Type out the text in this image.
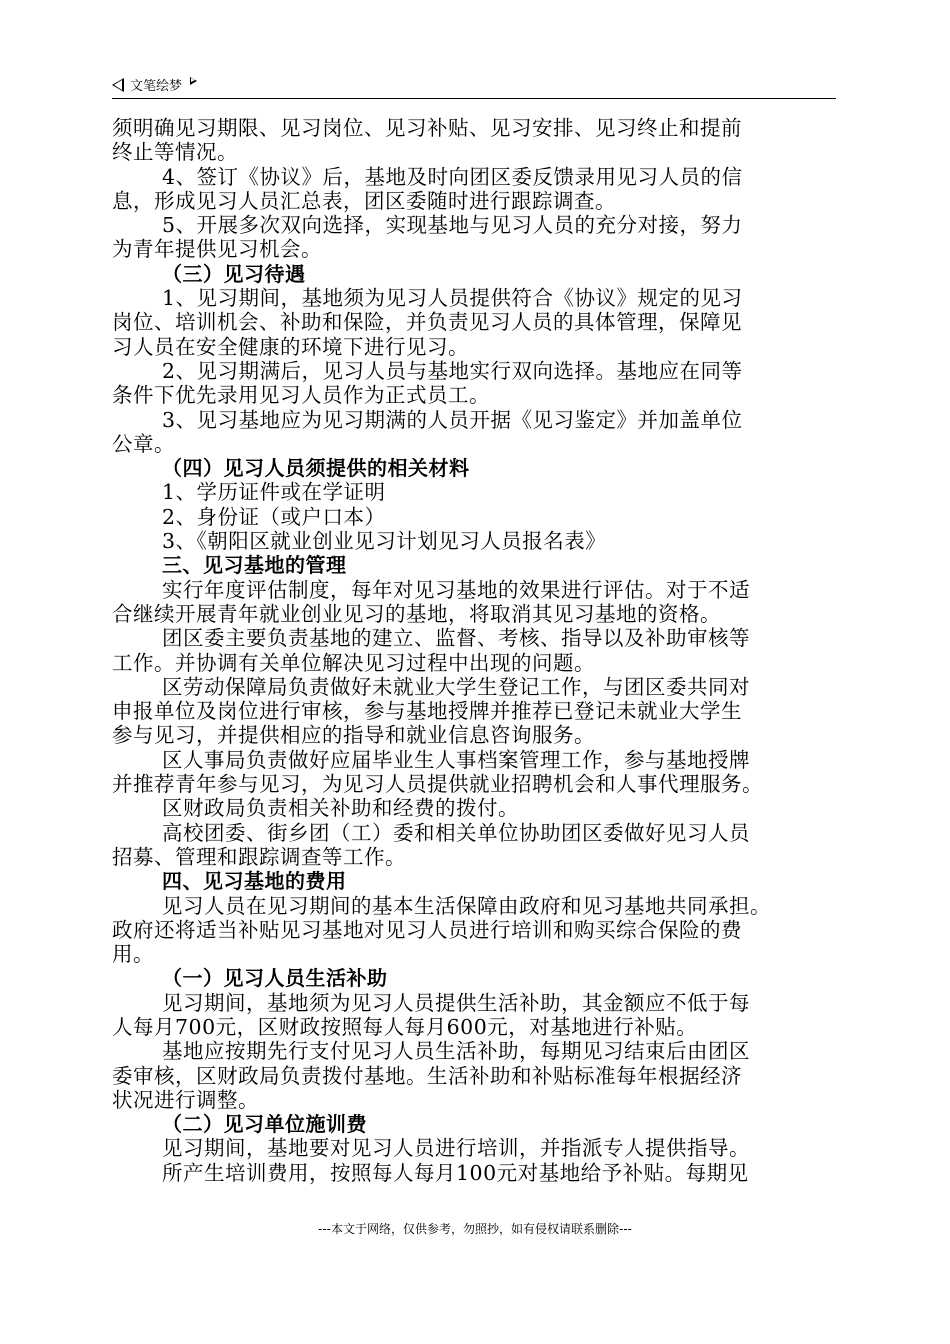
文笔绘梦

须明确见习期限、见习岗位、见习补贴、见习安排、见习终止和提前

终止等情况。

4、签订《协议》后，基地及时向团区委反馈录用见习人员的信

息，形成见习人员汇总表，团区委随时进行跟踪调查。

5、开展多次双向选择，实现基地与见习人员的充分对接，努力

为青年提供见习机会。

（三）见习待遇

1、见习期间，基地须为见习人员提供符合《协议》规定的见习

岗位、培训机会、补助和保险，并负责见习人员的具体管理，保障见

习人员在安全健康的环境下进行见习。

2、见习期满后，见习人员与基地实行双向选择。基地应在同等

条件下优先录用见习人员作为正式员工。

3、见习基地应为见习期满的人员开据《见习鉴定》并加盖单位

公章。

（四）见习人员须提供的相关材料

1、学历证件或在学证明

2、身份证（或户口本）

3、《朝阳区就业创业见习计划见习人员报名表》

三、见习基地的管理

实行年度评估制度，每年对见习基地的效果进行评估。对于不适

合继续开展青年就业创业见习的基地，将取消其见习基地的资格。

团区委主要负责基地的建立、监督、考核、指导以及补助审核等

工作。并协调有关单位解决见习过程中出现的问题。

区劳动保障局负责做好未就业大学生登记工作，与团区委共同对

申报单位及岗位进行审核，参与基地授牌并推荐已登记未就业大学生

参与见习，并提供相应的指导和就业信息咨询服务。

区人事局负责做好应届毕业生人事档案管理工作，参与基地授牌

并推荐青年参与见习，为见习人员提供就业招聘机会和人事代理服务。

区财政局负责相关补助和经费的拨付。

高校团委、街乡团（工）委和相关单位协助团区委做好见习人员

招募、管理和跟踪调查等工作。

四、见习基地的费用

见习人员在见习期间的基本生活保障由政府和见习基地共同承担。

政府还将适当补贴见习基地对见习人员进行培训和购买综合保险的费

用。

（一）见习人员生活补助

见习期间，基地须为见习人员提供生活补助，其金额应不低于每

人每月700元，区财政按照每人每月600元，对基地进行补贴。

基地应按期先行支付见习人员生活补助，每期见习结束后由团区

委审核，区财政局负责拨付基地。生活补助和补贴标准每年根据经济

状况进行调整。

（二）见习单位施训费

见习期间，基地要对见习人员进行培训，并指派专人提供指导。

所产生培训费用，按照每人每月100元对基地给予补贴。每期见

---本文于网络，仅供参考，勿照抄，如有侵权请联系删除---
